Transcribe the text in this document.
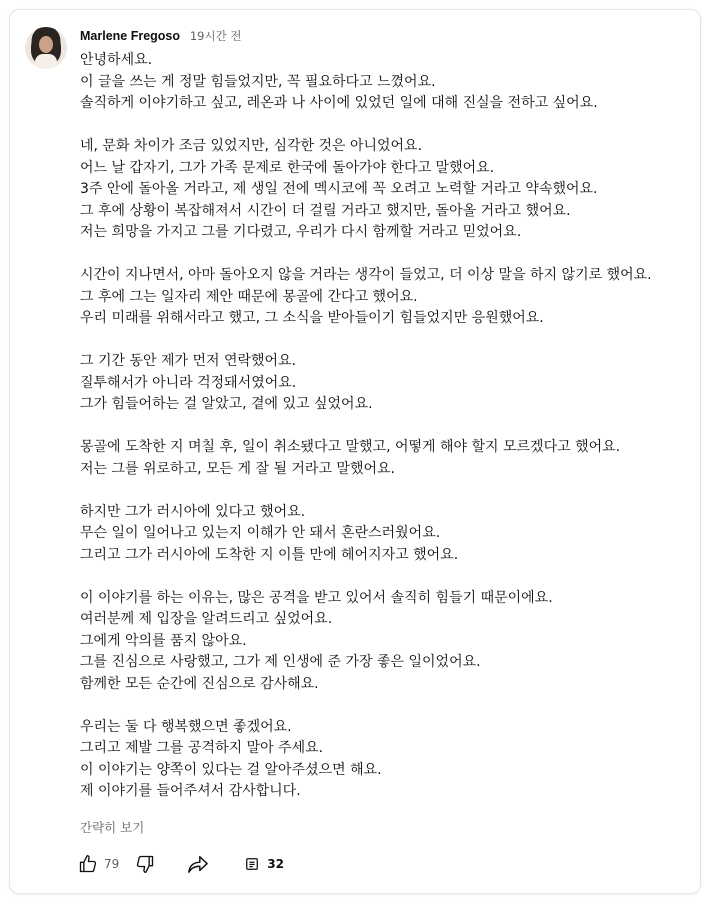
Marlene Fregoso 19시간 전
안녕하세요.
이 글을 쓰는 게 정말 힘들었지만, 꼭 필요하다고 느꼈어요.
솔직하게 이야기하고 싶고, 레온과 나 사이에 있었던 일에 대해 진실을 전하고 싶어요.
네, 문화 차이가 조금 있었지만, 심각한 것은 아니었어요.
어느 날 갑자기, 그가 가족 문제로 한국에 돌아가야 한다고 말했어요.
3주 안에 돌아올 거라고, 제 생일 전에 멕시코에 꼭 오려고 노력할 거라고 약속했어요.
그 후에 상황이 복잡해져서 시간이 더 걸릴 거라고 했지만, 돌아올 거라고 했어요.
저는 희망을 가지고 그를 기다렸고, 우리가 다시 함께할 거라고 믿었어요.
시간이 지나면서, 아마 돌아오지 않을 거라는 생각이 들었고, 더 이상 말을 하지 않기로 했어요.
그 후에 그는 일자리 제안 때문에 몽골에 간다고 했어요.
우리 미래를 위해서라고 했고, 그 소식을 받아들이기 힘들었지만 응원했어요.
그 기간 동안 제가 먼저 연락했어요.
질투해서가 아니라 걱정돼서였어요.
그가 힘들어하는 걸 알았고, 곁에 있고 싶었어요.
몽골에 도착한 지 며칠 후, 일이 취소됐다고 말했고, 어떻게 해야 할지 모르겠다고 했어요.
저는 그를 위로하고, 모든 게 잘 될 거라고 말했어요.
하지만 그가 러시아에 있다고 했어요.
무슨 일이 일어나고 있는지 이해가 안 돼서 혼란스러웠어요.
그리고 그가 러시아에 도착한 지 이틀 만에 헤어지자고 했어요.
이 이야기를 하는 이유는, 많은 공격을 받고 있어서 솔직히 힘들기 때문이에요.
여러분께 제 입장을 알려드리고 싶었어요.
그에게 악의를 품지 않아요.
그를 진심으로 사랑했고, 그가 제 인생에 준 가장 좋은 일이었어요.
함께한 모든 순간에 진심으로 감사해요.
우리는 둘 다 행복했으면 좋겠어요.
그리고 제발 그를 공격하지 말아 주세요.
이 이야기는 양쪽이 있다는 걸 알아주셨으면 해요.
제 이야기를 들어주셔서 감사합니다.
간략히 보기
79	32
